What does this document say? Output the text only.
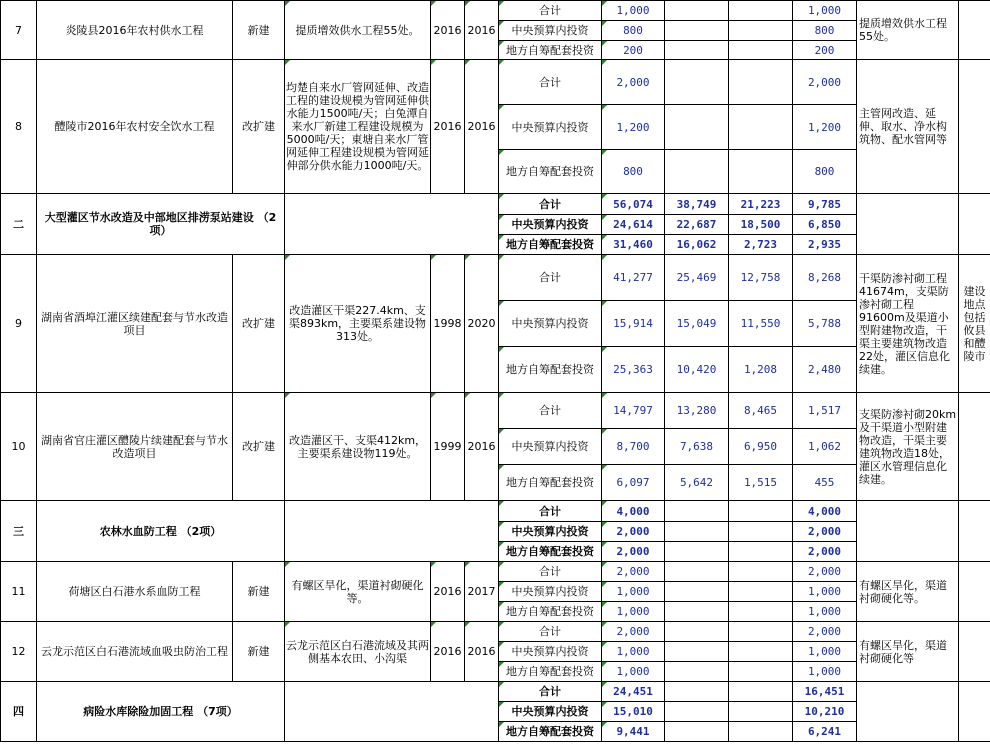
7	炎陵县2016年农村供水工程	新建	提质增效供水工程55处。	2016	2016	合计	1,000			1,000	提质增效供水工程55处。	
						中央预算内投资	800			800		
						地方自筹配套投资	200			200		
8	醴陵市2016年农村安全饮水工程	改扩建	均楚自来水厂管网延伸、改造工程的建设规模为管网延伸供水能力1500吨/天；白兔潭自来水厂新建工程建设规模为5000吨/天；東塘自来水厂管网延伸工程建设规模为管网延伸部分供水能力1000吨/天。	2016	2016	合计	2,000			2,000	主管网改造、延伸、取水、净水构筑物、配水管网等	
						中央预算内投资	1,200			1,200		
						地方自筹配套投资	800			800		
二	大型灌区节水改造及中部地区排涝泵站建设 （2项）					合计	56,074	38,749	21,223	9,785		
						中央预算内投资	24,614	22,687	18,500	6,850		
						地方自筹配套投资	31,460	16,062	2,723	2,935		
9	湖南省酒埠江灌区续建配套与节水改造项目	改扩建	改造灌区干渠227.4km、支渠893km，主要渠系建设物313处。	1998	2020	合计	41,277	25,469	12,758	8,268	干渠防渗衬砌工程41674m，支渠防渗衬砌工程91600m及渠道小型附建物改造，干渠主要建筑物改造22处，灌区信息化续建。	建设地点包括攸县和醴陵市
						中央预算内投资	15,914	15,049	11,550	5,788		
						地方自筹配套投资	25,363	10,420	1,208	2,480		
10	湖南省官庄灌区醴陵片续建配套与节水改造项目	改扩建	改造灌区干、支渠412km，主要渠系建设物119处。	1999	2016	合计	14,797	13,280	8,465	1,517	支渠防渗衬砌20km及干渠道小型附建物改造，干渠主要建筑物改造18处，灌区水管理信息化续建。	
						中央预算内投资	8,700	7,638	6,950	1,062		
						地方自筹配套投资	6,097	5,642	1,515	455		
三	农林水血防工程 （2项）					合计	4,000			4,000		
						中央预算内投资	2,000			2,000		
						地方自筹配套投资	2,000			2,000		
11	荷塘区白石港水系血防工程	新建	有螺区旱化，渠道衬砌硬化等。	2016	2017	合计	2,000			2,000	有螺区旱化，渠道衬砌硬化等。	
						中央预算内投资	1,000			1,000		
						地方自筹配套投资	1,000			1,000		
12	云龙示范区白石港流域血吸虫防治工程	新建	云龙示范区白石港流域及其两侧基本农田、小沟渠	2016	2016	合计	2,000			2,000	有螺区旱化，渠道衬砌硬化等	
						中央预算内投资	1,000			1,000		
						地方自筹配套投资	1,000			1,000		
四	病险水库除险加固工程 （7项）					合计	24,451			16,451		
						中央预算内投资	15,010			10,210		
						地方自筹配套投资	9,441			6,241		
